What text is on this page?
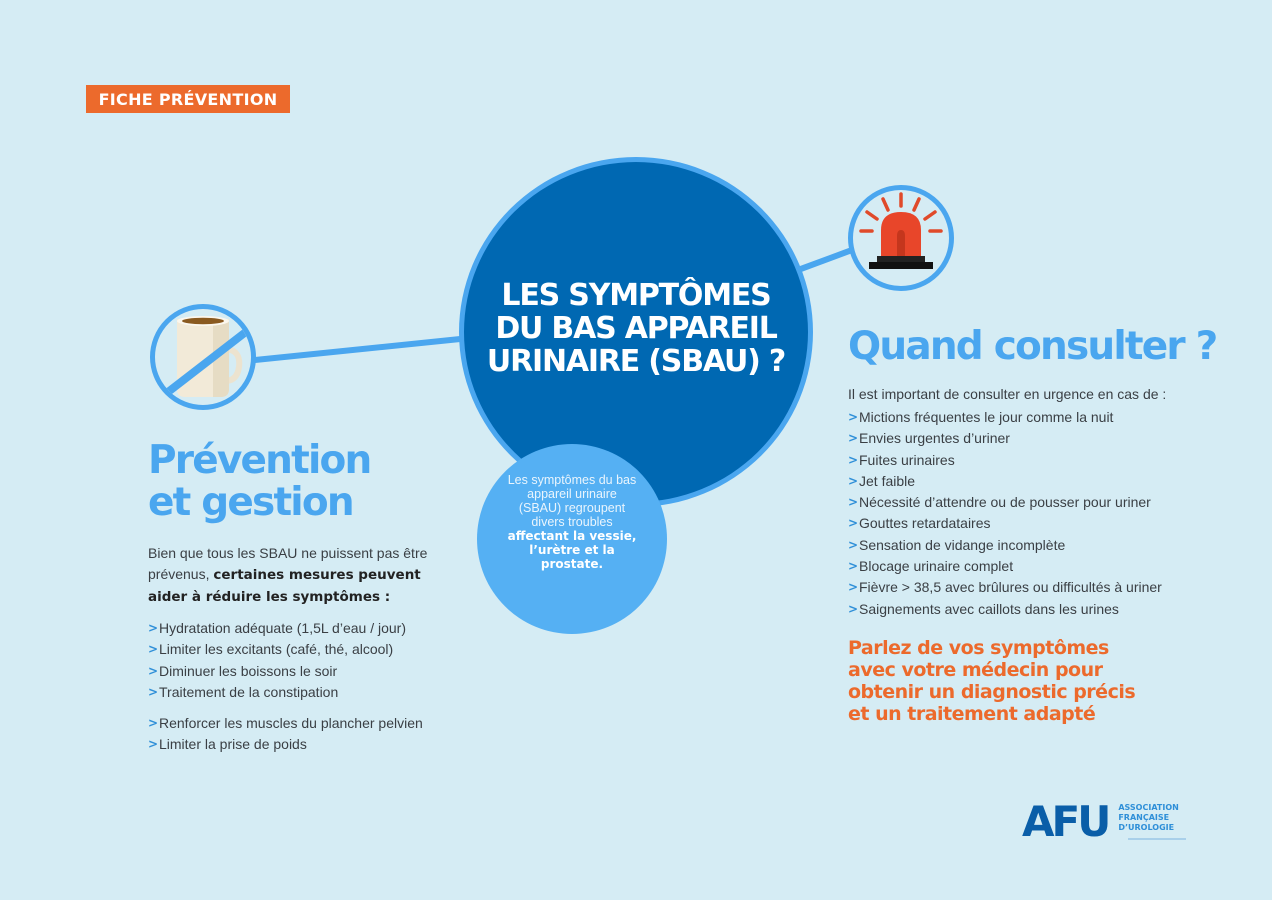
FICHE PRÉVENTION
LES SYMPTÔMES
DU BAS APPAREIL
URINAIRE (SBAU) ?
Les symptômes du bas appareil urinaire (SBAU) regroupent divers troubles affectant la vessie, l’urètre et la prostate.
Prévention
et gestion
Bien que tous les SBAU ne puissent pas être prévenus, certaines mesures peuvent aider à réduire les symptômes :
> Hydratation adéquate (1,5L d’eau / jour)
> Limiter les excitants (café, thé, alcool)
> Diminuer les boissons le soir
> Traitement de la constipation
> Renforcer les muscles du plancher pelvien
> Limiter la prise de poids
Quand consulter ?
Il est important de consulter en urgence en cas de :
> Mictions fréquentes le jour comme la nuit
> Envies urgentes d’uriner
> Fuites urinaires
> Jet faible
> Nécessité d’attendre ou de pousser pour uriner
> Gouttes retardataires
> Sensation de vidange incomplète
> Blocage urinaire complet
> Fièvre > 38,5 avec brûlures ou difficultés à uriner
> Saignements avec caillots dans les urines
Parlez de vos symptômes
avec votre médecin pour
obtenir un diagnostic précis
et un traitement adapté
AFU ASSOCIATION
FRANÇAISE
D’UROLOGIE
